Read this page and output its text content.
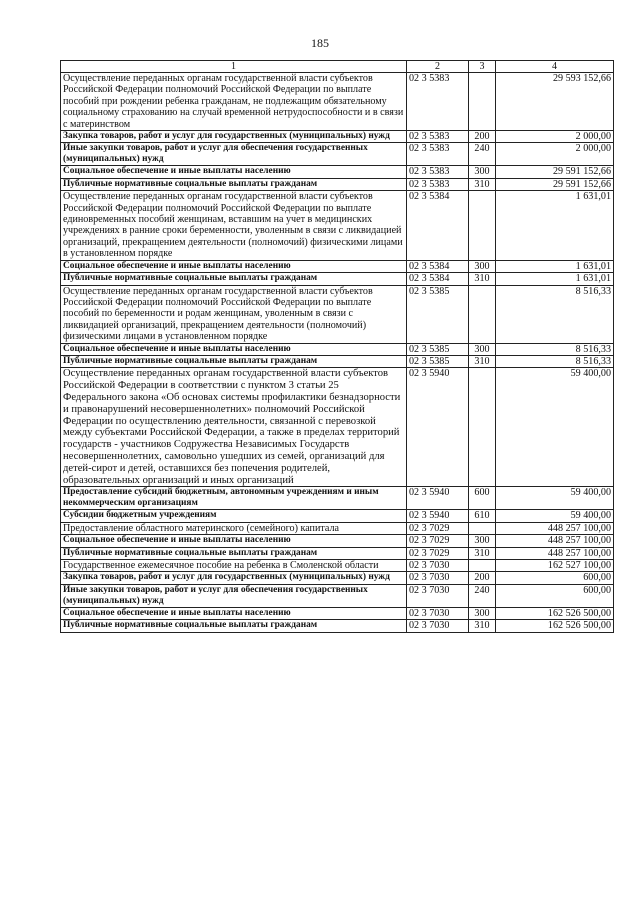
185
1	2	3	4
Осуществление переданных органам государственной власти субъектов Российской Федерации полномочий Российской Федерации по выплате пособий при рождении ребенка гражданам, не подлежащим обязательному социальному страхованию на случай временной нетрудоспособности и в связи с материнством	02 3 5383		29 593 152,66
Закупка товаров, работ и услуг для государственных (муниципальных) нужд	02 3 5383	200	2 000,00
Иные закупки товаров, работ и услуг для обеспечения государственных (муниципальных) нужд	02 3 5383	240	2 000,00
Социальное обеспечение и иные выплаты населению	02 3 5383	300	29 591 152,66
Публичные нормативные социальные выплаты гражданам	02 3 5383	310	29 591 152,66
Осуществление переданных органам государственной власти субъектов Российской Федерации полномочий Российской Федерации по выплате единовременных пособий женщинам, вставшим на учет в медицинских учреждениях в ранние сроки беременности, уволенным в связи с ликвидацией организаций, прекращением деятельности (полномочий) физическими лицами в установленном порядке	02 3 5384		1 631,01
Социальное обеспечение и иные выплаты населению	02 3 5384	300	1 631,01
Публичные нормативные социальные выплаты гражданам	02 3 5384	310	1 631,01
Осуществление переданных органам государственной власти субъектов Российской Федерации полномочий Российской Федерации по выплате пособий по беременности и родам женщинам, уволенным в связи с ликвидацией организаций, прекращением деятельности (полномочий) физическими лицами в установленном порядке	02 3 5385		8 516,33
Социальное обеспечение и иные выплаты населению	02 3 5385	300	8 516,33
Публичные нормативные социальные выплаты гражданам	02 3 5385	310	8 516,33
Осуществление переданных органам государственной власти субъектов Российской Федерации в соответствии с пунктом 3 статьи 25 Федерального закона «Об основах системы профилактики безнадзорности и правонарушений несовершеннолетних» полномочий Российской Федерации по осуществлению деятельности, связанной с перевозкой между субъектами Российской Федерации, а также в пределах территорий государств - участников Содружества Независимых Государств несовершеннолетних, самовольно ушедших из семей, организаций для детей-сирот и детей, оставшихся без попечения родителей, образовательных организаций и иных организаций	02 3 5940		59 400,00
Предоставление субсидий бюджетным, автономным учреждениям и иным некоммерческим организациям	02 3 5940	600	59 400,00
Субсидии бюджетным учреждениям	02 3 5940	610	59 400,00
Предоставление областного материнского (семейного) капитала	02 3 7029		448 257 100,00
Социальное обеспечение и иные выплаты населению	02 3 7029	300	448 257 100,00
Публичные нормативные социальные выплаты гражданам	02 3 7029	310	448 257 100,00
Государственное ежемесячное пособие на ребенка в Смоленской области	02 3 7030		162 527 100,00
Закупка товаров, работ и услуг для государственных (муниципальных) нужд	02 3 7030	200	600,00
Иные закупки товаров, работ и услуг для обеспечения государственных (муниципальных) нужд	02 3 7030	240	600,00
Социальное обеспечение и иные выплаты населению	02 3 7030	300	162 526 500,00
Публичные нормативные социальные выплаты гражданам	02 3 7030	310	162 526 500,00
